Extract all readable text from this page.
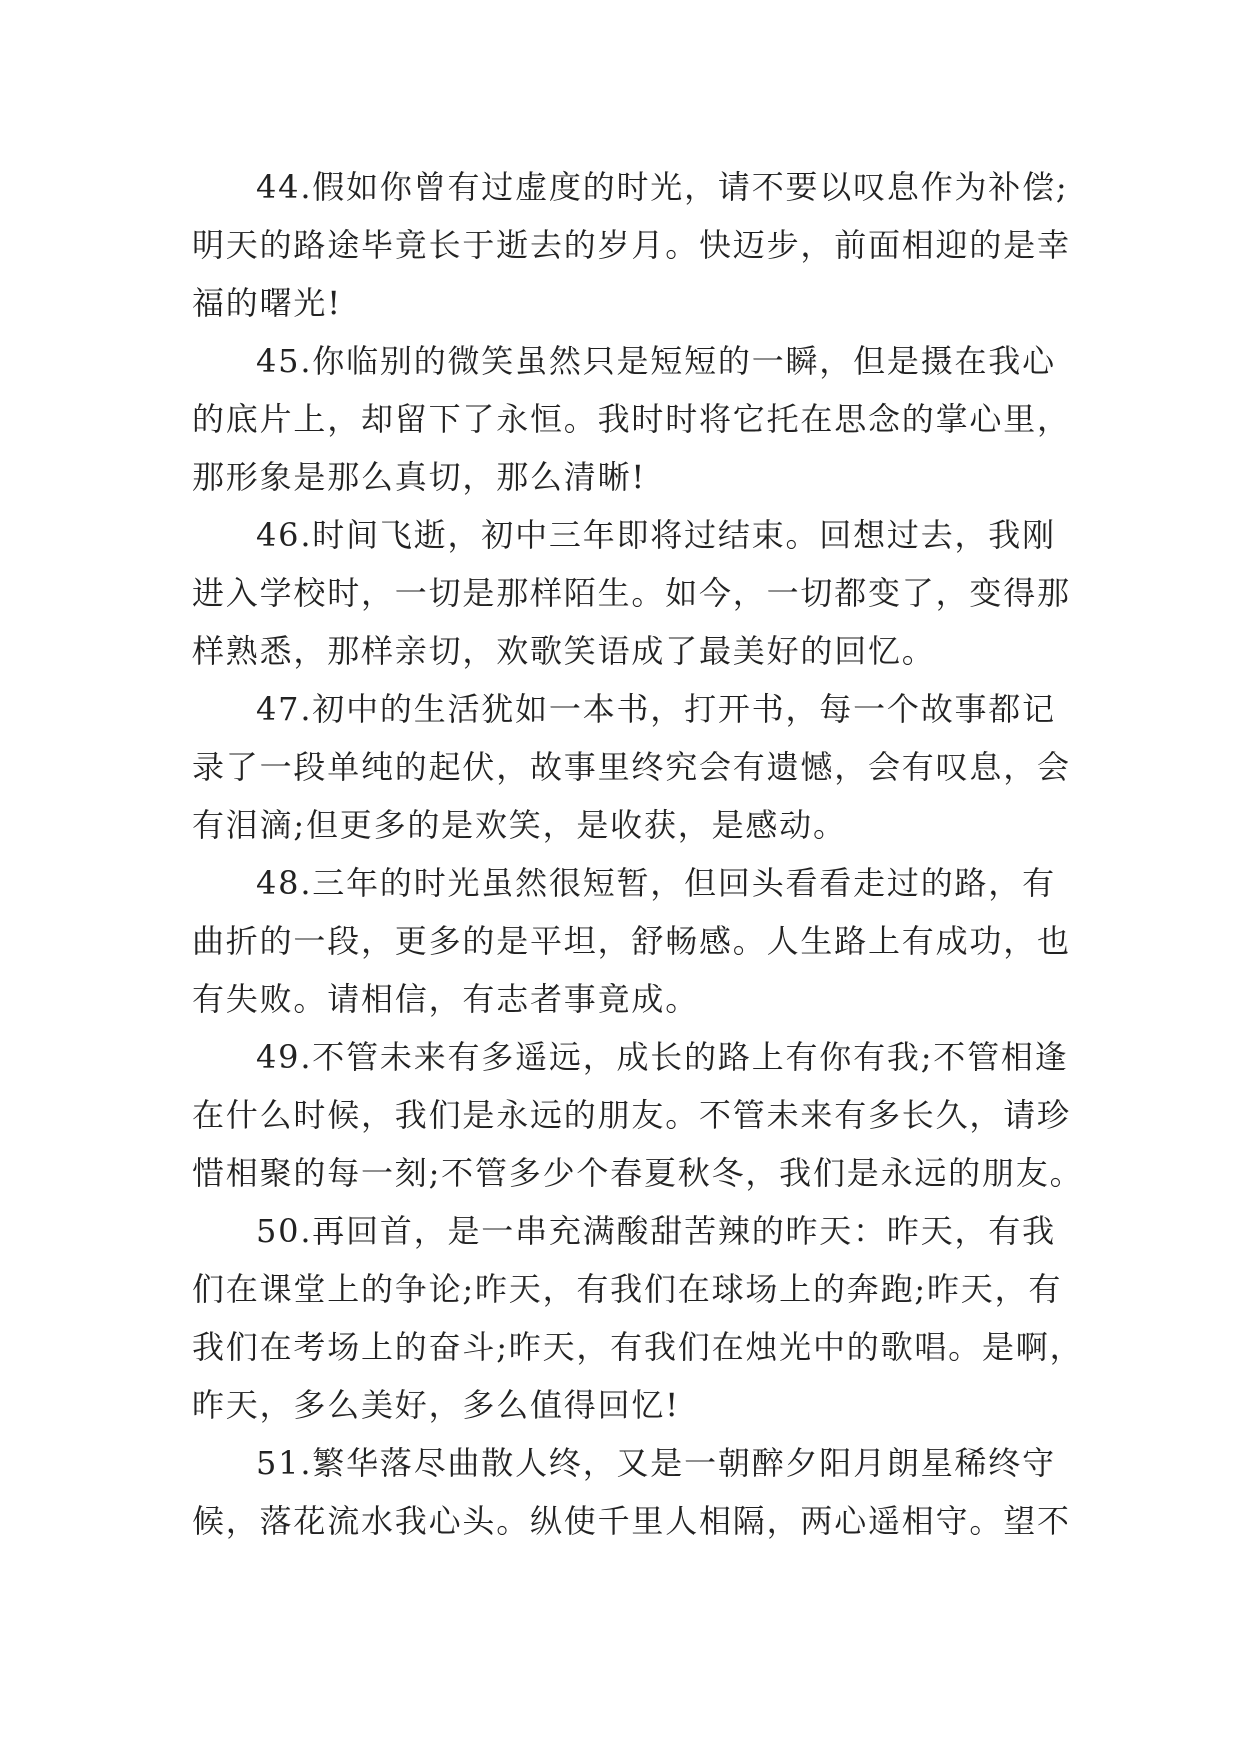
44.假如你曾有过虚度的时光，请不要以叹息作为补偿;
明天的路途毕竟长于逝去的岁月。快迈步，前面相迎的是幸
福的曙光!
45.你临别的微笑虽然只是短短的一瞬，但是摄在我心
的底片上，却留下了永恒。我时时将它托在思念的掌心里，
那形象是那么真切，那么清晰!
46.时间飞逝，初中三年即将过结束。回想过去，我刚
进入学校时，一切是那样陌生。如今，一切都变了，变得那
样熟悉，那样亲切，欢歌笑语成了最美好的回忆。
47.初中的生活犹如一本书，打开书，每一个故事都记
录了一段单纯的起伏，故事里终究会有遗憾，会有叹息，会
有泪滴;但更多的是欢笑，是收获，是感动。
48.三年的时光虽然很短暂，但回头看看走过的路，有
曲折的一段，更多的是平坦，舒畅感。人生路上有成功，也
有失败。请相信，有志者事竟成。
49.不管未来有多遥远，成长的路上有你有我;不管相逢
在什么时候，我们是永远的朋友。不管未来有多长久，请珍
惜相聚的每一刻;不管多少个春夏秋冬，我们是永远的朋友。
50.再回首，是一串充满酸甜苦辣的昨天：昨天，有我
们在课堂上的争论;昨天，有我们在球场上的奔跑;昨天，有
我们在考场上的奋斗;昨天，有我们在烛光中的歌唱。是啊，
昨天，多么美好，多么值得回忆!
51.繁华落尽曲散人终，又是一朝醉夕阳月朗星稀终守
候，落花流水我心头。纵使千里人相隔，两心遥相守。望不
